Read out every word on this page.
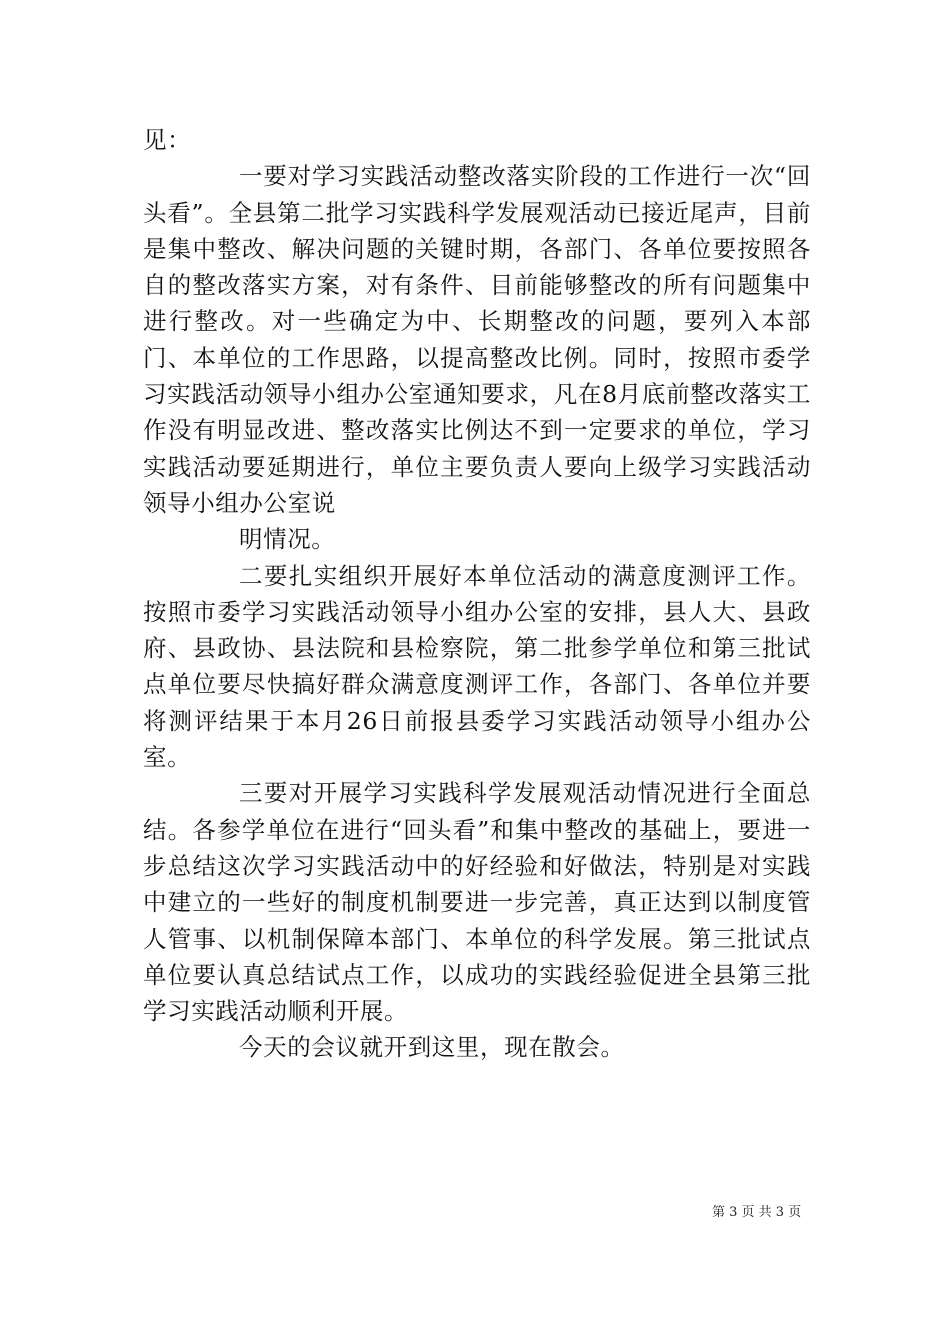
见：

一要对学习实践活动整改落实阶段的工作进行一次“回头看”。全县第二批学习实践科学发展观活动已接近尾声，目前是集中整改、解决问题的关键时期，各部门、各单位要按照各自的整改落实方案，对有条件、目前能够整改的所有问题集中进行整改。对一些确定为中、长期整改的问题，要列入本部门、本单位的工作思路，以提高整改比例。同时，按照市委学习实践活动领导小组办公室通知要求，凡在8月底前整改落实工作没有明显改进、整改落实比例达不到一定要求的单位，学习实践活动要延期进行，单位主要负责人要向上级学习实践活动领导小组办公室说

明情况。

二要扎实组织开展好本单位活动的满意度测评工作。按照市委学习实践活动领导小组办公室的安排，县人大、县政府、县政协、县法院和县检察院，第二批参学单位和第三批试点单位要尽快搞好群众满意度测评工作，各部门、各单位并要将测评结果于本月26日前报县委学习实践活动领导小组办公室。

三要对开展学习实践科学发展观活动情况进行全面总结。各参学单位在进行“回头看”和集中整改的基础上，要进一步总结这次学习实践活动中的好经验和好做法，特别是对实践中建立的一些好的制度机制要进一步完善，真正达到以制度管人管事、以机制保障本部门、本单位的科学发展。第三批试点单位要认真总结试点工作，以成功的实践经验促进全县第三批学习实践活动顺利开展。

今天的会议就开到这里，现在散会。

第 3 页 共 3 页
